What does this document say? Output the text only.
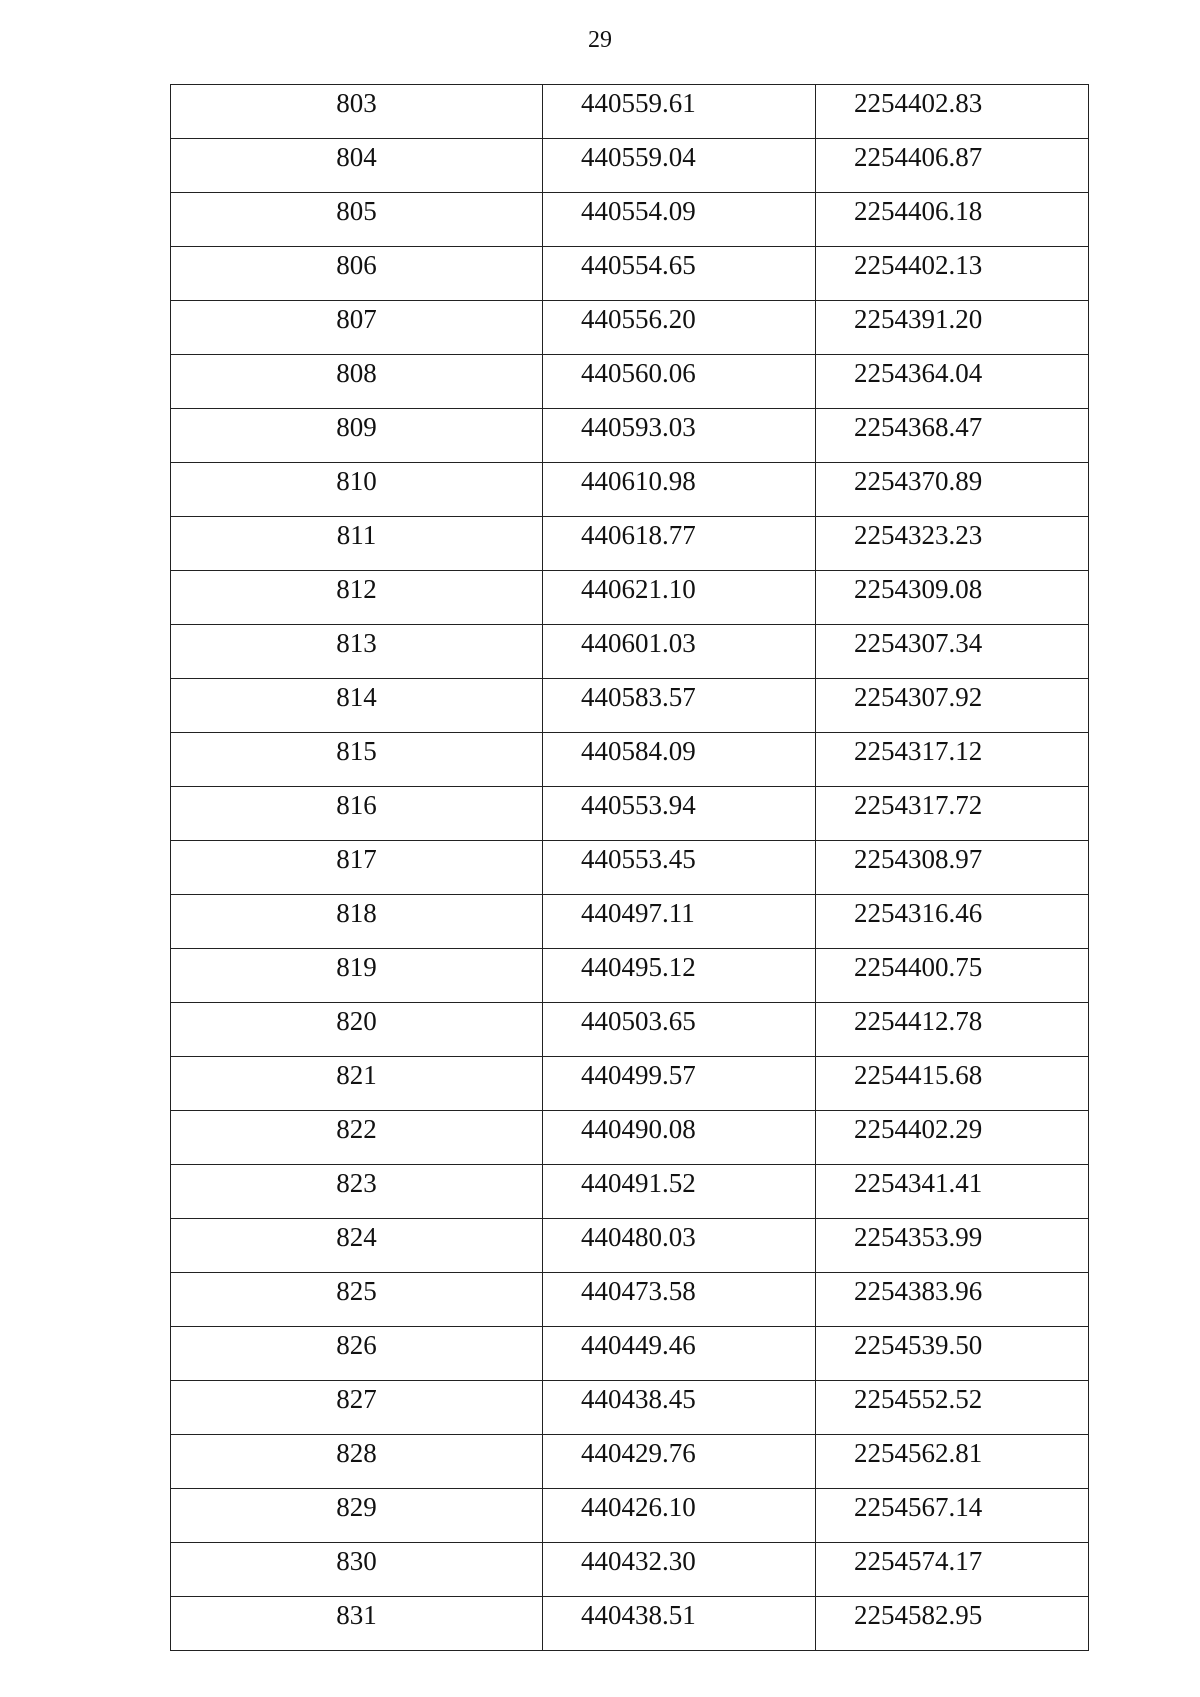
29
803	440559.61	2254402.83

804	440559.04	2254406.87

805	440554.09	2254406.18

806	440554.65	2254402.13

807	440556.20	2254391.20

808	440560.06	2254364.04

809	440593.03	2254368.47

810	440610.98	2254370.89

811	440618.77	2254323.23

812	440621.10	2254309.08

813	440601.03	2254307.34

814	440583.57	2254307.92

815	440584.09	2254317.12

816	440553.94	2254317.72

817	440553.45	2254308.97

818	440497.11	2254316.46

819	440495.12	2254400.75

820	440503.65	2254412.78

821	440499.57	2254415.68

822	440490.08	2254402.29

823	440491.52	2254341.41

824	440480.03	2254353.99

825	440473.58	2254383.96

826	440449.46	2254539.50

827	440438.45	2254552.52

828	440429.76	2254562.81

829	440426.10	2254567.14

830	440432.30	2254574.17

831	440438.51	2254582.95
